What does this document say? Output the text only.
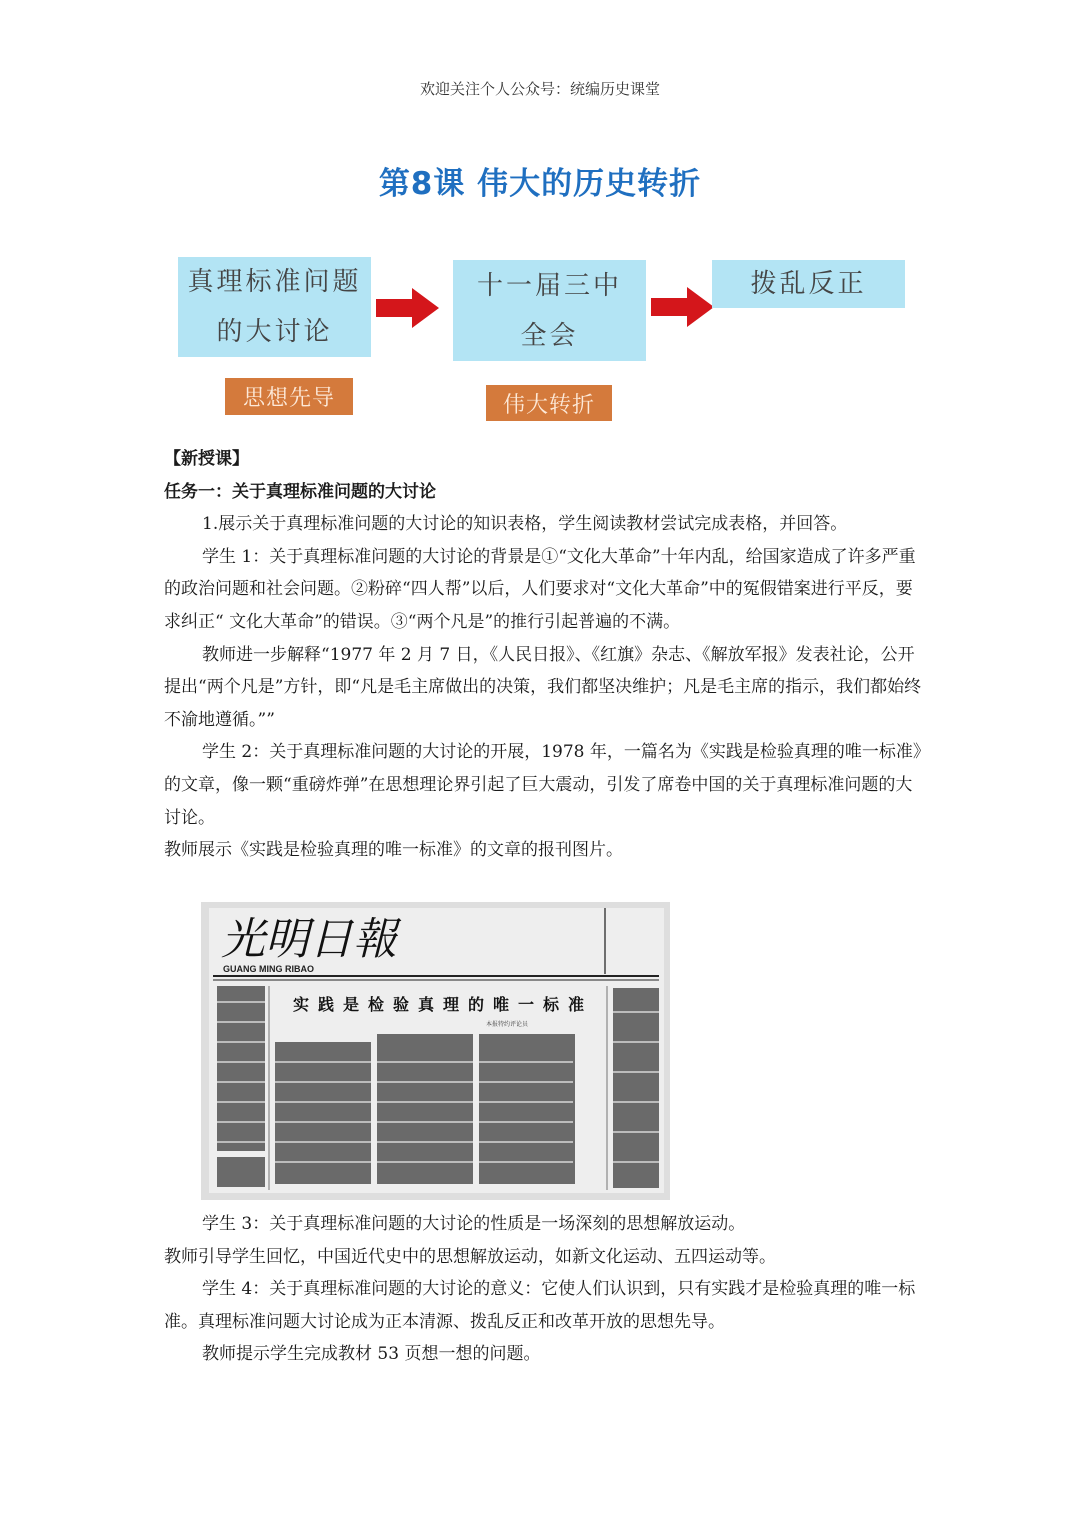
欢迎关注个人公众号：统编历史课堂
第8课 伟大的历史转折
真理标准问题
的大讨论
十一届三中
全会
拨乱反正
思想先导	伟大转折

【新授课】

任务一：关于真理标准问题的大讨论

1.展示关于真理标准问题的大讨论的知识表格，学生阅读教材尝试完成表格，并回答。

学生 1：关于真理标准问题的大讨论的背景是①“文化大革命”十年内乱，给国家造成了许多严重的政治问题和社会问题。②粉碎“四人帮”以后，人们要求对“文化大革命”中的冤假错案进行平反，要求纠正“ 文化大革命”的错误。③“两个凡是”的推行引起普遍的不满。

教师进一步解释“1977 年 2 月 7 日，《人民日报》、《红旗》杂志、《解放军报》发表社论，公开提出“两个凡是”方针，即“凡是毛主席做出的决策，我们都坚决维护；凡是毛主席的指示，我们都始终不渝地遵循。””

学生 2：关于真理标准问题的大讨论的开展，1978 年，一篇名为《实践是检验真理的唯一标准》的文章，像一颗“重磅炸弹”在思想理论界引起了巨大震动，引发了席卷中国的关于真理标准问题的大讨论。

教师展示《实践是检验真理的唯一标准》的文章的报刊图片。

光明日報
GUANG MING RIBAO
实践是检验真理的唯一标准
本报特约评论员

学生 3：关于真理标准问题的大讨论的性质是一场深刻的思想解放运动。

教师引导学生回忆，中国近代史中的思想解放运动，如新文化运动、五四运动等。

学生 4：关于真理标准问题的大讨论的意义：它使人们认识到，只有实践才是检验真理的唯一标准。真理标准问题大讨论成为正本清源、拨乱反正和改革开放的思想先导。

教师提示学生完成教材 53 页想一想的问题。
